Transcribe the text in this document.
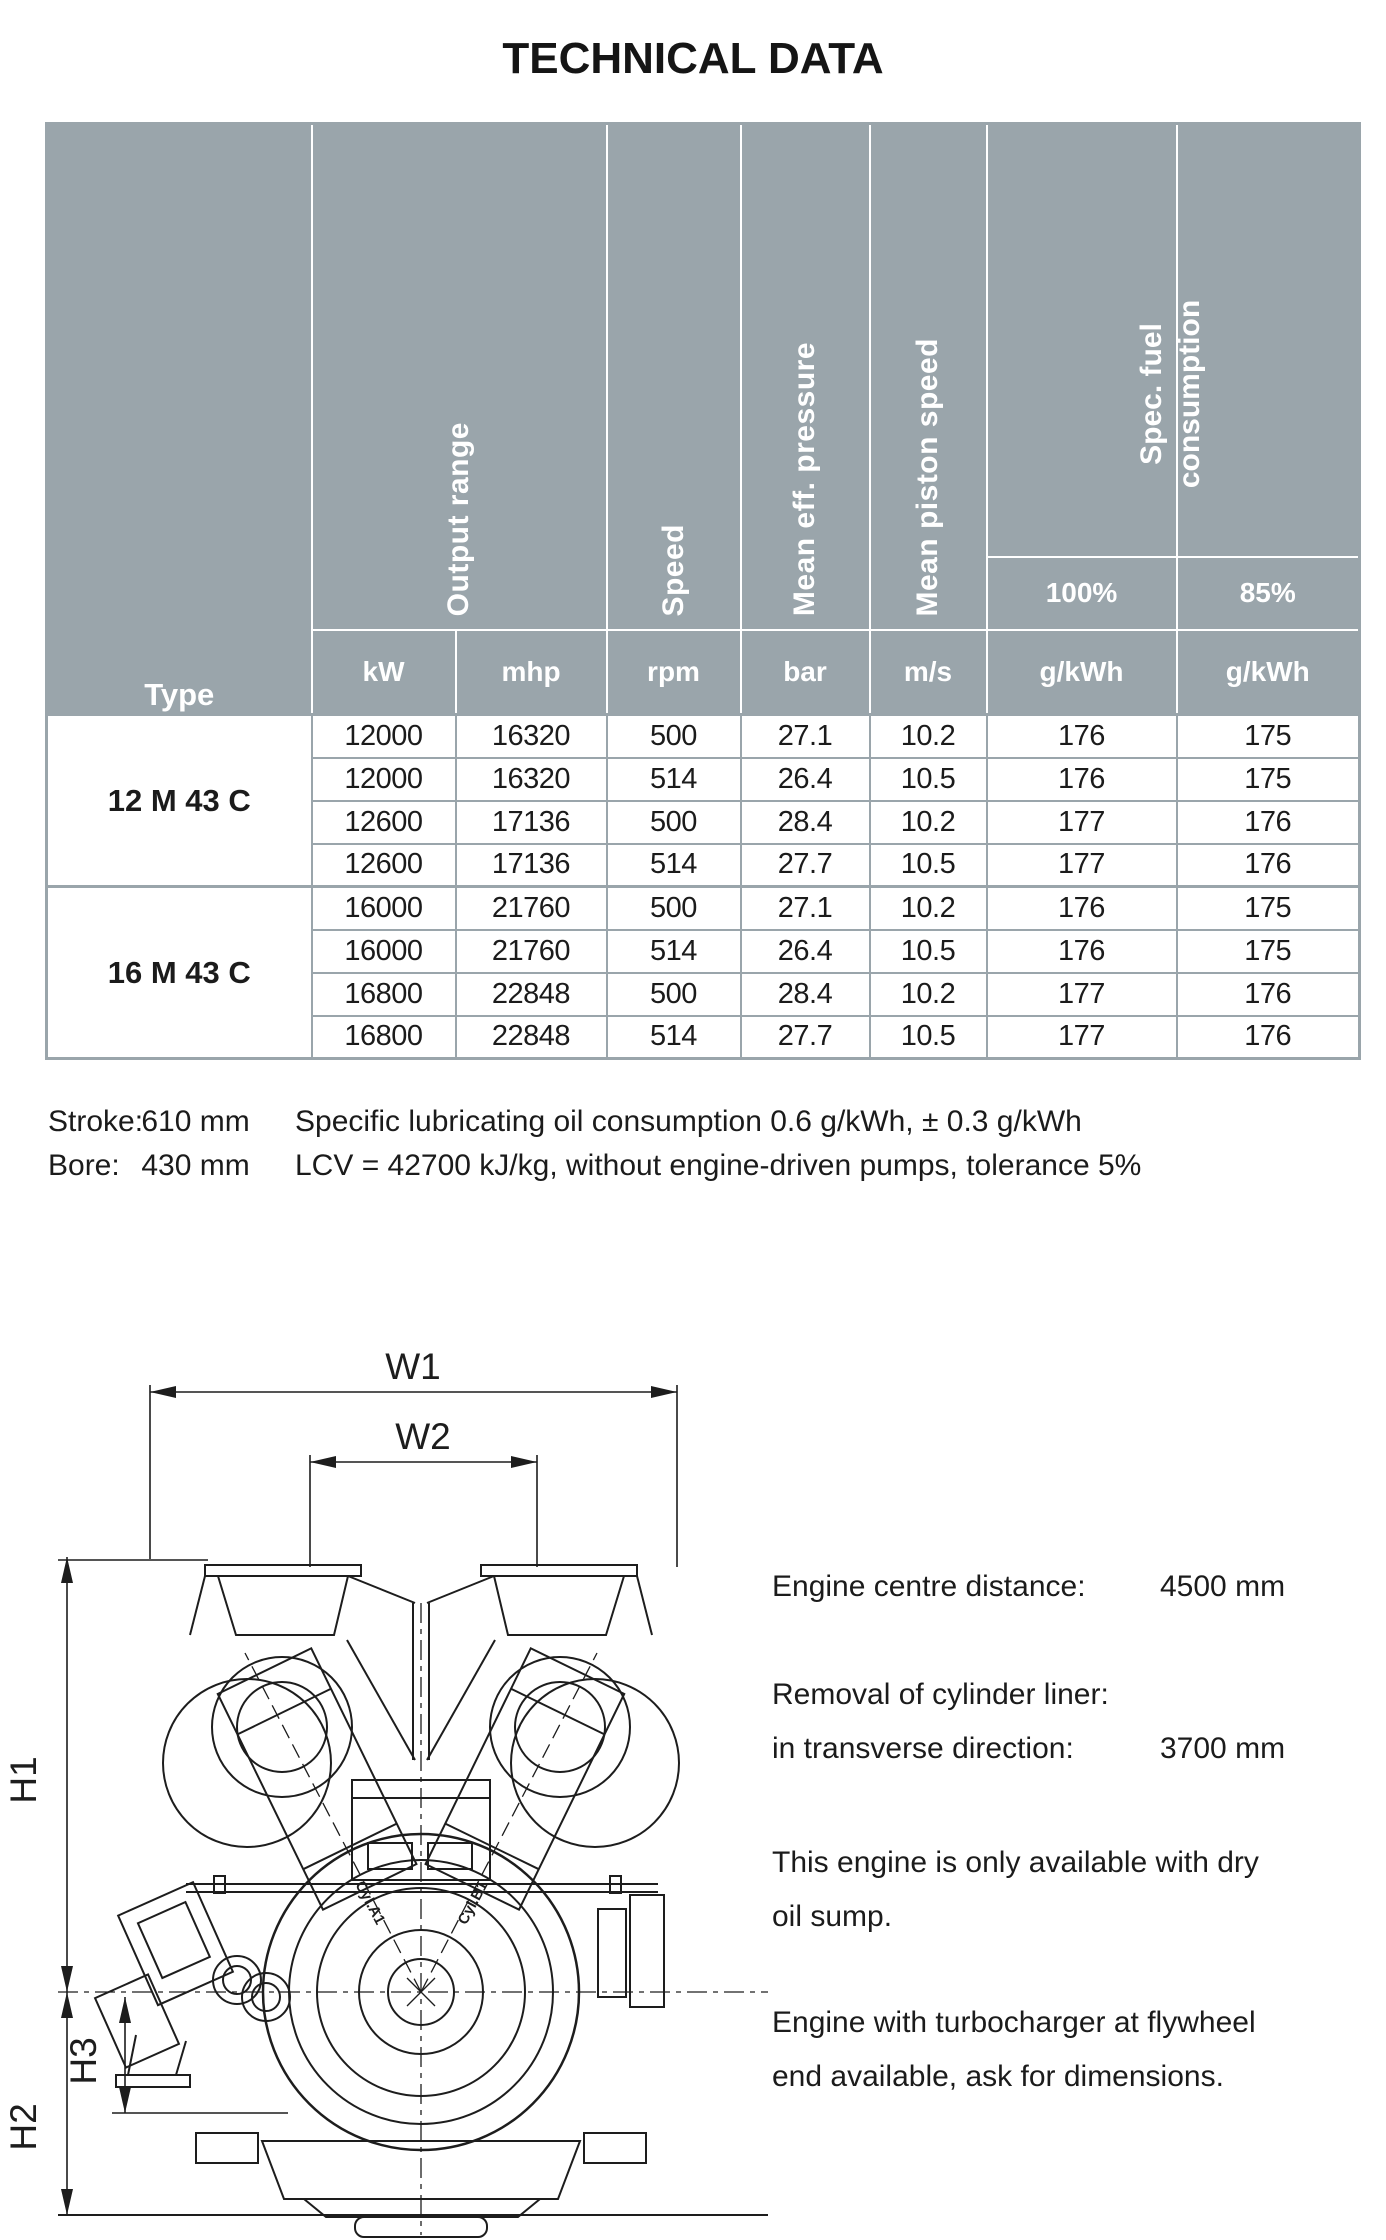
TECHNICAL DATA
Type	Output range		Speed	Mean eff. pressure	Mean piston speed		

						100%	85%
	kW	mhp	rpm	bar	m/s	g/kWh	g/kWh
12 M 43 C	12000	16320	500	27.1	10.2	176	175
	12000	16320	514	26.4	10.5	176	175
	12600	17136	500	28.4	10.2	177	176
	12600	17136	514	27.7	10.5	177	176
16 M 43 C	16000	21760	500	27.1	10.2	176	175
	16000	21760	514	26.4	10.5	176	175
	16800	22848	500	28.4	10.2	177	176
	16800	22848	514	27.7	10.5	177	176
Spec. fuel consumption
Stroke: 610 mm
Bore: 430 mm
Specific lubricating oil consumption 0.6 g/kWh, ± 0.3 g/kWh
LCV = 42700 kJ/kg, without engine-driven pumps, tolerance 5%
W1
W2
H1
H2
H3
Cyl.A1	Cyl.B1
Engine centre distance: 4500 mm
Removal of cylinder liner:
in transverse direction:	3700 mm
This engine is only available with dry
oil sump.
Engine with turbocharger at flywheel
end available, ask for dimensions.
